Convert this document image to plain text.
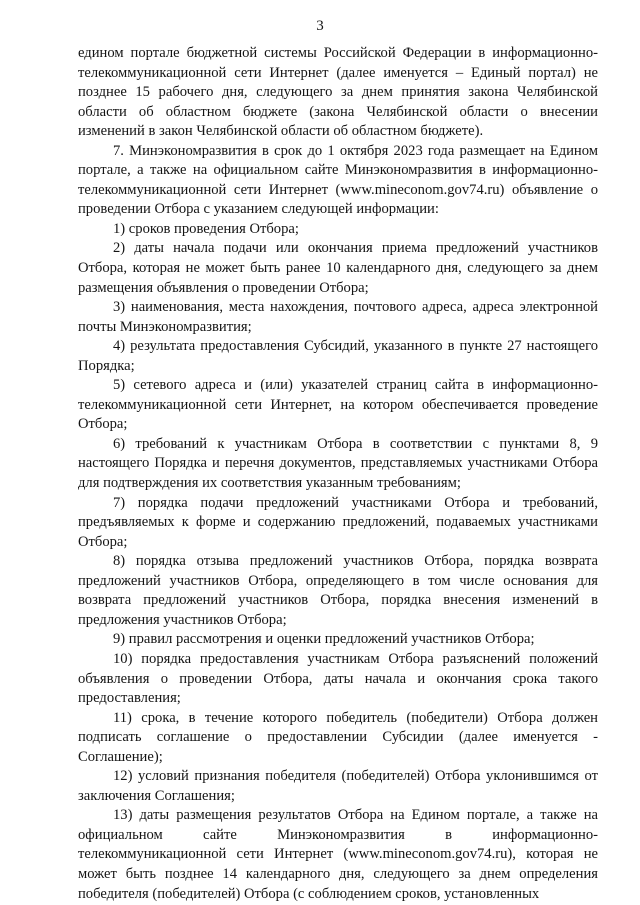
3

едином портале бюджетной системы Российской Федерации в информационно-телекоммуникационной сети Интернет (далее именуется – Единый портал) не позднее 15 рабочего дня, следующего за днем принятия закона Челябинской области об областном бюджете (закона Челябинской области о внесении изменений в закон Челябинской области об областном бюджете).

7. Минэкономразвития в срок до 1 октября 2023 года размещает на Едином портале, а также на официальном сайте Минэкономразвития в информационно-телекоммуникационной сети Интернет (www.mineconom.gov74.ru) объявление о проведении Отбора с указанием следующей информации:

1) сроков проведения Отбора;

2) даты начала подачи или окончания приема предложений участников Отбора, которая не может быть ранее 10 календарного дня, следующего за днем размещения объявления о проведении Отбора;

3) наименования, места нахождения, почтового адреса, адреса электронной почты Минэкономразвития;

4) результата предоставления Субсидий, указанного в пункте 27 настоящего Порядка;

5) сетевого адреса и (или) указателей страниц сайта в информационно-телекоммуникационной сети Интернет, на котором обеспечивается проведение Отбора;

6) требований к участникам Отбора в соответствии с пунктами 8, 9 настоящего Порядка и перечня документов, представляемых участниками Отбора для подтверждения их соответствия указанным требованиям;

7) порядка подачи предложений участниками Отбора и требований, предъявляемых к форме и содержанию предложений, подаваемых участниками Отбора;

8) порядка отзыва предложений участников Отбора, порядка возврата предложений участников Отбора, определяющего в том числе основания для возврата предложений участников Отбора, порядка внесения изменений в предложения участников Отбора;

9) правил рассмотрения и оценки предложений участников Отбора;

10) порядка предоставления участникам Отбора разъяснений положений объявления о проведении Отбора, даты начала и окончания срока такого предоставления;

11) срока, в течение которого победитель (победители) Отбора должен подписать соглашение о предоставлении Субсидии (далее именуется - Соглашение);

12) условий признания победителя (победителей) Отбора уклонившимся от заключения Соглашения;

13) даты размещения результатов Отбора на Едином портале, а также на официальном сайте Минэкономразвития в информационно-телекоммуникационной сети Интернет (www.mineconom.gov74.ru), которая не может быть позднее 14 календарного дня, следующего за днем определения победителя (победителей) Отбора (с соблюдением сроков, установленных
